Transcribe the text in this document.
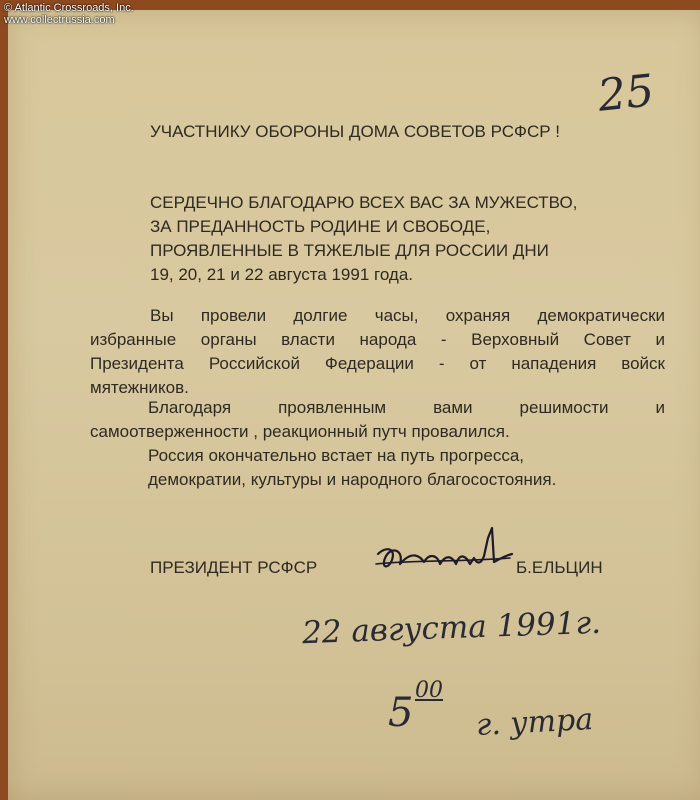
© Atlantic Crossroads, Inc.
www.collectrussia.com
25
УЧАСТНИКУ ОБОРОНЫ ДОМА СОВЕТОВ РСФСР !
СЕРДЕЧНО БЛАГОДАРЮ ВСЕХ ВАС ЗА МУЖЕСТВО,
ЗА ПРЕДАННОСТЬ РОДИНЕ И СВОБОДЕ,
ПРОЯВЛЕННЫЕ В ТЯЖЕЛЫЕ ДЛЯ РОССИИ ДНИ
19, 20, 21 и 22 августа 1991 года.
Вы провели долгие часы, охраняя демократически
избранные органы власти народа - Верховный Совет и
Президента Российской Федерации - от нападения войск
мятежников.
Благодаря проявленным вами решимости и
самоотверженности , реакционный путч провалился.
Россия окончательно встает на путь прогресса,
демократии, культуры и народного благосостояния.
ПРЕЗИДЕНТ РСФСР	Б.ЕЛЬЦИН
22 августа 1991г.
5 00
г. утра
